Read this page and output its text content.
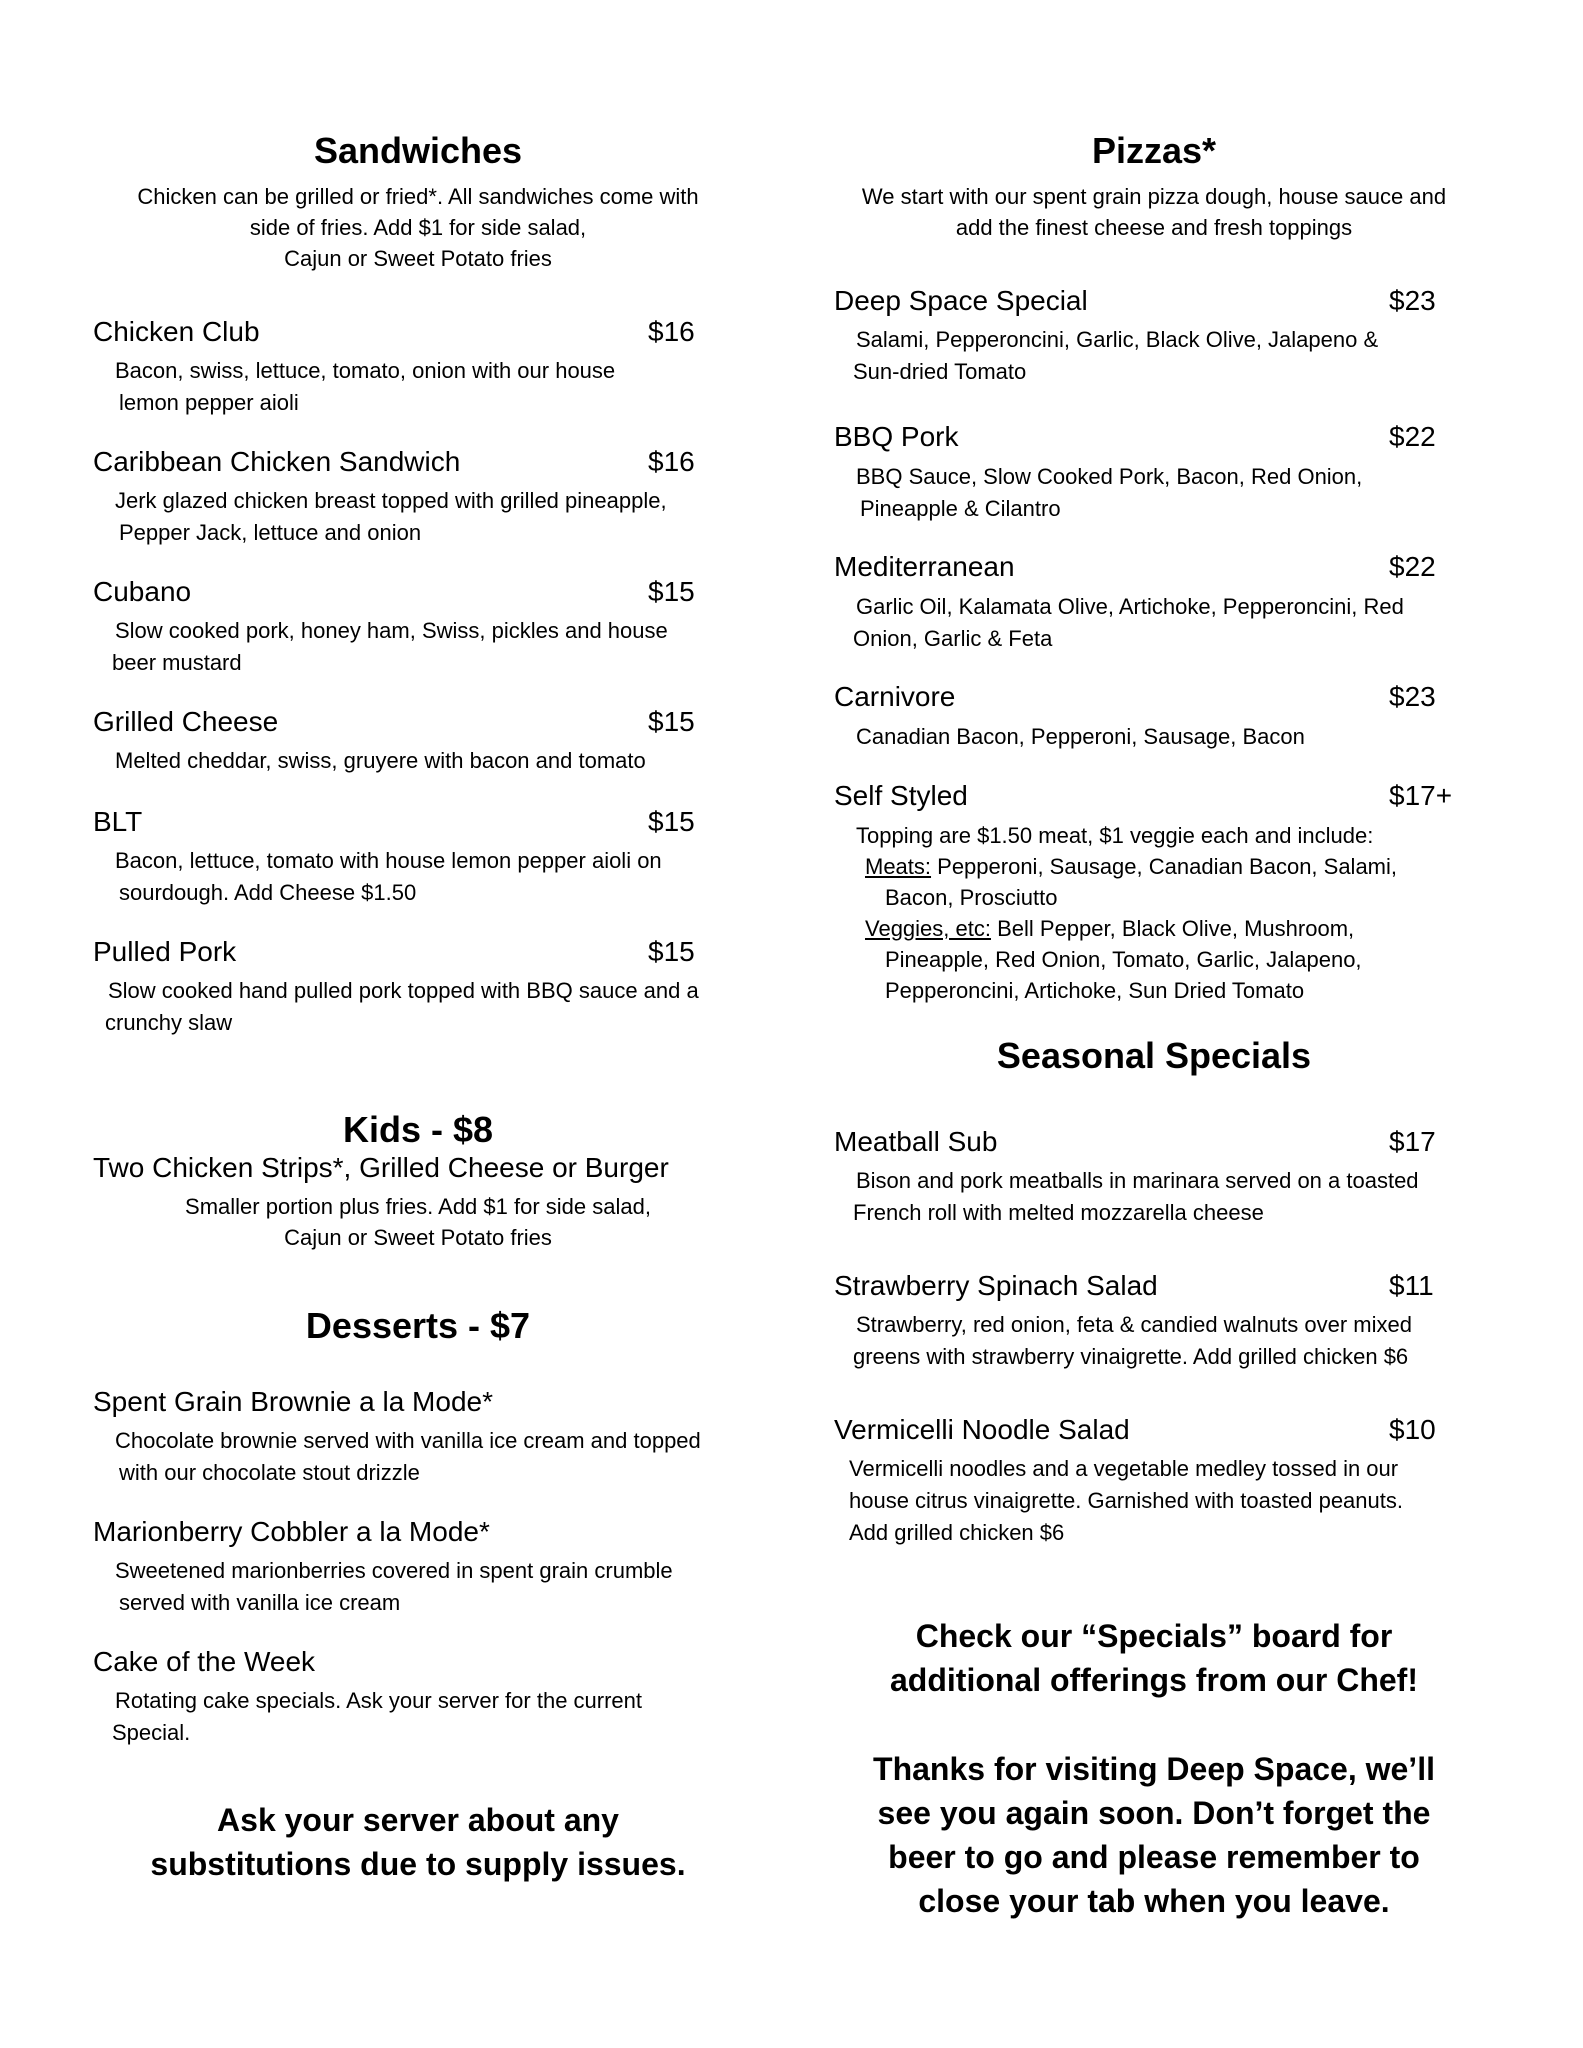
Sandwiches
Chicken can be grilled or fried*. All sandwiches come with
side of fries. Add $1 for side salad,
Cajun or Sweet Potato fries
Chicken Club	$16
Bacon, swiss, lettuce, tomato, onion with our house
lemon pepper aioli
Caribbean Chicken Sandwich	$16
Jerk glazed chicken breast topped with grilled pineapple,
Pepper Jack, lettuce and onion
Cubano	$15
Slow cooked pork, honey ham, Swiss, pickles and house
beer mustard
Grilled Cheese	$15
Melted cheddar, swiss, gruyere with bacon and tomato
BLT	$15
Bacon, lettuce, tomato with house lemon pepper aioli on
sourdough. Add Cheese $1.50
Pulled Pork	$15
Slow cooked hand pulled pork topped with BBQ sauce and a
crunchy slaw
Kids - $8
Two Chicken Strips*, Grilled Cheese or Burger
Smaller portion plus fries. Add $1 for side salad,
Cajun or Sweet Potato fries
Desserts - $7
Spent Grain Brownie a la Mode*
Chocolate brownie served with vanilla ice cream and topped
with our chocolate stout drizzle
Marionberry Cobbler a la Mode*
Sweetened marionberries covered in spent grain crumble
served with vanilla ice cream
Cake of the Week
Rotating cake specials. Ask your server for the current
Special.
Ask your server about any
substitutions due to supply issues.
Pizzas*
We start with our spent grain pizza dough, house sauce and
add the finest cheese and fresh toppings
Deep Space Special	$23
Salami, Pepperoncini, Garlic, Black Olive, Jalapeno &
Sun-dried Tomato
BBQ Pork	$22
BBQ Sauce, Slow Cooked Pork, Bacon, Red Onion,
Pineapple & Cilantro
Mediterranean	$22
Garlic Oil, Kalamata Olive, Artichoke, Pepperoncini, Red
Onion, Garlic & Feta
Carnivore	$23
Canadian Bacon, Pepperoni, Sausage, Bacon
Self Styled	$17+
Topping are $1.50 meat, $1 veggie each and include:
Meats: Pepperoni, Sausage, Canadian Bacon, Salami,
Bacon, Prosciutto
Veggies, etc: Bell Pepper, Black Olive, Mushroom,
Pineapple, Red Onion, Tomato, Garlic, Jalapeno,
Pepperoncini, Artichoke, Sun Dried Tomato
Seasonal Specials
Meatball Sub	$17
Bison and pork meatballs in marinara served on a toasted
French roll with melted mozzarella cheese
Strawberry Spinach Salad	$11
Strawberry, red onion, feta & candied walnuts over mixed
greens with strawberry vinaigrette. Add grilled chicken $6
Vermicelli Noodle Salad	$10
Vermicelli noodles and a vegetable medley tossed in our
house citrus vinaigrette. Garnished with toasted peanuts.
Add grilled chicken $6
Check our “Specials” board for
additional offerings from our Chef!
Thanks for visiting Deep Space, we’ll
see you again soon. Don’t forget the
beer to go and please remember to
close your tab when you leave.
